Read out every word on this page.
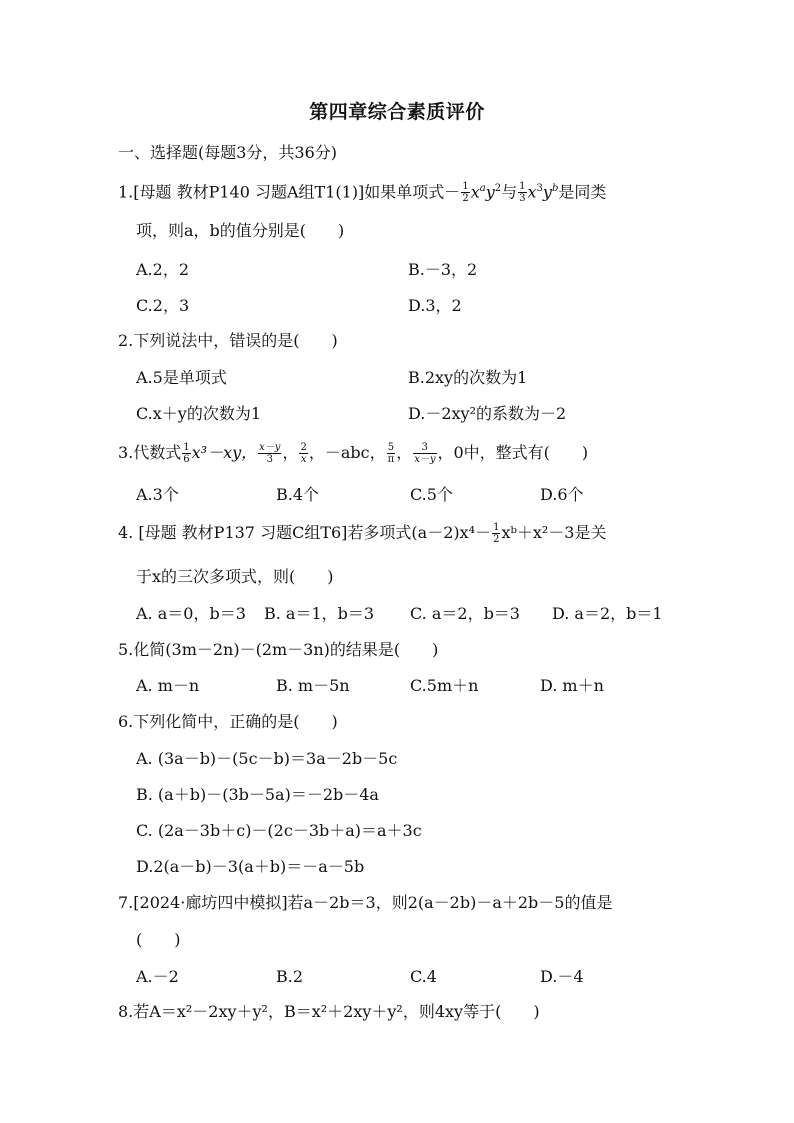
第四章综合素质评价
一、选择题(每题3分，共36分)
1.[母题 教材P140 习题A组T1(1)]如果单项式－ $\frac{1}{2} x^ay^2$与 $\frac{1}{3} x^3y^b$是同类
项，则a，b的值分别是(　　)
A.2，2	B.－3，2
C.2，3	D.3，2
2.下列说法中，错误的是(　　)
A.5是单项式	B.2xy的次数为1
C.x＋y的次数为1	D.－2xy²的系数为－2
3.代数式 $\frac{1}{6} x^3-xy$， $\frac{x-y}{3}$ ， $\frac{2}{x}$ ，－abc， $\frac{5}{\pi}$ ， $\frac{3}{x-y}$ ，0中，整式有(　　)
A.3个	B.4个	C.5个	D.6个
4. [母题 教材P137 习题C组T6]若多项式$(a-2)x^4- \frac{1}{2}$ xᵇ＋x²－3是关
于x的三次多项式，则(　　)
A. a＝0，b＝3 B. a＝1，b＝3 C. a＝2，b＝3 D. a＝2，b＝1
5.化简(3m－2n)－(2m－3n)的结果是(　　)
A. m－n	B. m－5n	C.5m＋n	D. m＋n
6.下列化简中，正确的是(　　)
A. (3a－b)－(5c－b)＝3a－2b－5c
B. (a＋b)－(3b－5a)＝－2b－4a
C. (2a－3b＋c)－(2c－3b＋a)＝a＋3c
D.2(a－b)－3(a＋b)＝－a－5b
7.[2024·廊坊四中模拟]若a－2b＝3，则2(a－2b)－a＋2b－5的值是
(　　)
A.－2	B.2	C.4	D.－4
8.若A＝x²－2xy＋y²，B＝x²＋2xy＋y²，则4xy等于(　　)
